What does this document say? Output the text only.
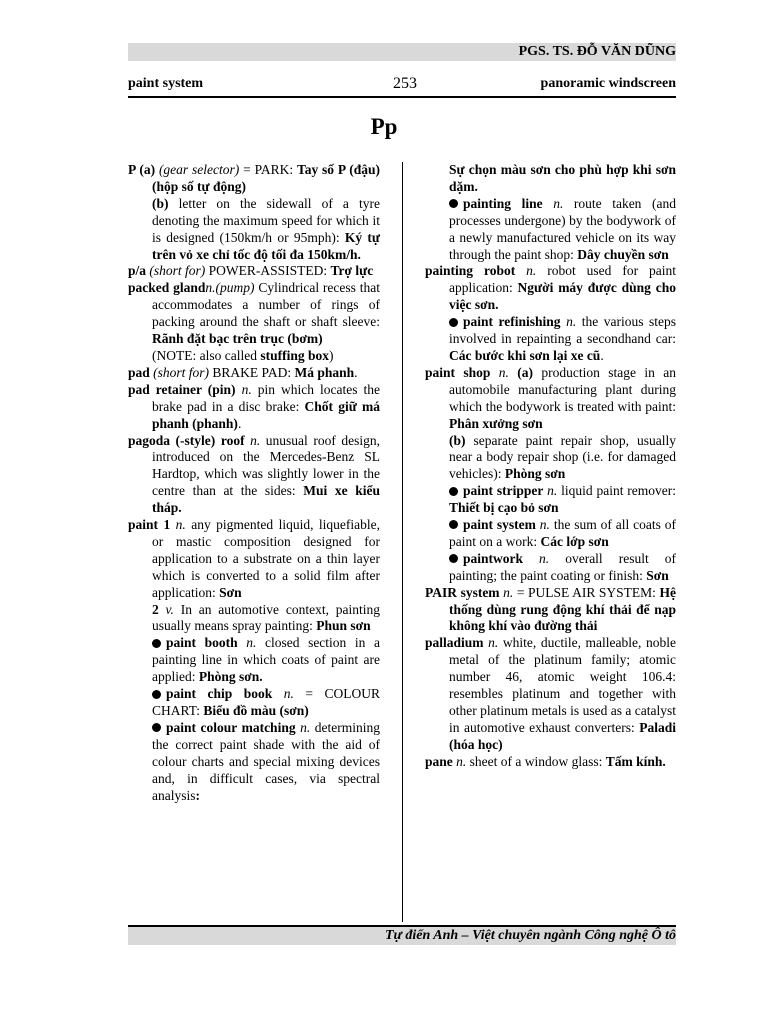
PGS. TS. ĐỖ VĂN DŨNG
paint system	253	panoramic windscreen
Pp

P (a) (gear selector) = PARK: Tay số P (đậu) (hộp số tự động)

(b) letter on the sidewall of a tyre denoting the maximum speed for which it is designed (150km/h or 95mph): Ký tự trên vỏ xe chỉ tốc độ tối đa 150km/h.

p/a (short for) POWER-ASSISTED: Trợ lực

packed glandn.(pump) Cylindrical recess that accommodates a number of rings of packing around the shaft or shaft sleeve: Rãnh đặt bạc trên trục (bơm)

(NOTE: also called stuffing box)

pad (short for) BRAKE PAD: Má phanh.

pad retainer (pin) n. pin which locates the brake pad in a disc brake: Chốt giữ má phanh (phanh).

pagoda (-style) roof n. unusual roof design, introduced on the Mercedes-Benz SL Hardtop, which was slightly lower in the centre than at the sides: Mui xe kiểu tháp.

paint 1 n. any pigmented liquid, liquefiable, or mastic composition designed for application to a substrate on a thin layer which is converted to a solid film after application: Sơn

2 v. In an automotive context, painting usually means spray painting: Phun sơn

paint booth n. closed section in a painting line in which coats of paint are applied: Phòng sơn.

paint chip book n. = COLOUR CHART: Biểu đồ màu (sơn)

paint colour matching n. determining the correct paint shade with the aid of colour charts and special mixing devices and, in difficult cases, via spectral analysis:

Sự chọn màu sơn cho phù hợp khi sơn dặm.

painting line n. route taken (and processes undergone) by the bodywork of a newly manufactured vehicle on its way through the paint shop: Dây chuyền sơn

painting robot n. robot used for paint application: Người máy được dùng cho việc sơn.

paint refinishing n. the various steps involved in repainting a secondhand car: Các bước khi sơn lại xe cũ.

paint shop n. (a) production stage in an automobile manufacturing plant during which the bodywork is treated with paint: Phân xưởng sơn

(b) separate paint repair shop, usually near a body repair shop (i.e. for damaged vehicles): Phòng sơn

paint stripper n. liquid paint remover: Thiết bị cạo bỏ sơn

paint system n. the sum of all coats of paint on a work: Các lớp sơn

paintwork n. overall result of painting; the paint coating or finish: Sơn

PAIR system n. = PULSE AIR SYSTEM: Hệ thống dùng rung động khí thải để nạp không khí vào đường thải

palladium n. white, ductile, malleable, noble metal of the platinum family; atomic number 46, atomic weight 106.4: resembles platinum and together with other platinum metals is used as a catalyst in automotive exhaust converters: Paladi (hóa học)

pane n. sheet of a window glass: Tấm kính.

Tự điển Anh – Việt chuyên ngành Công nghệ Ô tô
